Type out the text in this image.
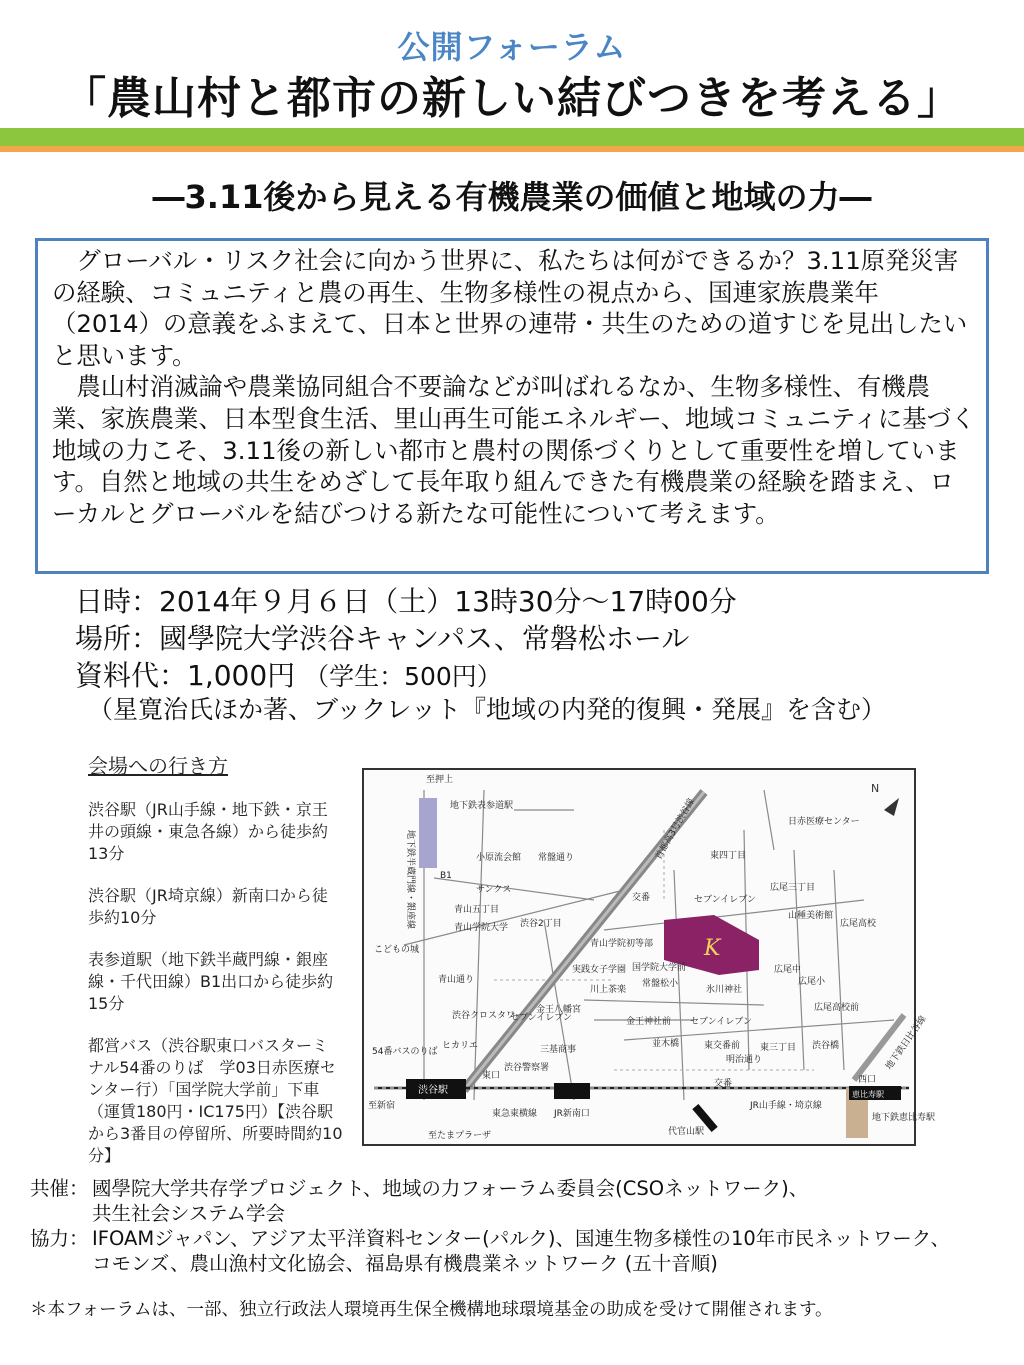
公開フォーラム
「農山村と都市の新しい結びつきを考える」
―3.11後から見える有機農業の価値と地域の力―

グローバル・リスク社会に向かう世界に、私たちは何ができるか？3.11原発災害の経験、コミュニティと農の再生、生物多様性の視点から、国連家族農業年（2014）の意義をふまえて、日本と世界の連帯・共生のための道すじを見出したいと思います。

農山村消滅論や農業協同組合不要論などが叫ばれるなか、生物多様性、有機農業、家族農業、日本型食生活、里山再生可能エネルギー、地域コミュニティに基づく地域の力こそ、3.11後の新しい都市と農村の関係づくりとして重要性を増しています。自然と地域の共生をめざして長年取り組んできた有機農業の経験を踏まえ、ローカルとグローバルを結びつける新たな可能性について考えます。

日時：2014年９月６日（土）13時30分～17時00分
場所：國學院大学渋谷キャンパス、常磐松ホール
資料代：1,000円 （学生：500円）
（星寛治氏ほか著、ブックレット『地域の内発的復興・発展』を含む）
会場への行き方
渋谷駅（JR山手線・地下鉄・京王井の頭線・東急各線）から徒歩約13分
渋谷駅（JR埼京線）新南口から徒歩約10分
表参道駅（地下鉄半蔵門線・銀座線・千代田線）B1出口から徒歩約15分
都営バス（渋谷駅東口バスターミナル54番のりば　学03日赤医療センター行）「国学院大学前」下車（運賃180円・IC175円）【渋谷駅から3番目の停留所、所要時間約10分】
K
N
至押上
地下鉄表参道駅
小原流会館 常盤通り
B1
サンクス
青山五丁目
青山学院大学 渋谷2丁目
こどもの城
青山通り
青山学院初等部
実践女子学園
川上茶楽
国学院大学前
常盤松小
氷川神社
金王八幡宮
金王神社前 セブンイレブン
セブンイレブン
セブンイレブン
東四丁目
広尾三丁目
山種美術館
広尾高校
広尾中
広尾小
広尾高校前
日赤医療センター
渋谷クロスタワー
54番バスのりば
ヒカリエ	三基商事
渋谷警察署
東口
渋谷駅
東急東横線 JR新南口
JR山手線・埼京線
代官山駅
至新宿
至たまプラーザ
交番
交番
東交番前
明治通り
並木橋	東三丁目 渋谷橋
西口
恵比寿駅
地下鉄恵比寿駅
首都高3号渋谷線
地下鉄半蔵門線・銀座線
地下鉄日比谷線
共催： 國學院大学共存学プロジェクト、地域の力フォーラム委員会(CSOネットワーク)、
共生社会システム学会
協力： IFOAMジャパン、アジア太平洋資料センター(パルク)、国連生物多様性の10年市民ネットワーク、
コモンズ、農山漁村文化協会、福島県有機農業ネットワーク (五十音順)
＊本フォーラムは、一部、独立行政法人環境再生保全機構地球環境基金の助成を受けて開催されます。
